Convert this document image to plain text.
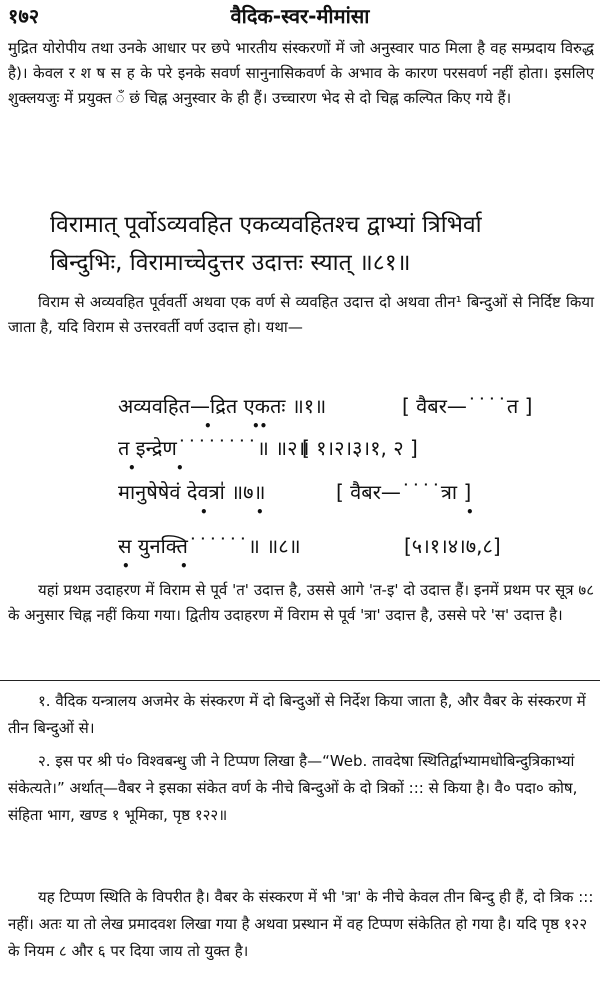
१७२	वैदिक-स्वर-मीमांसा

मुद्रित योरोपीय तथा उनके आधार पर छपे भारतीय संस्करणों में जो अनुस्वार पाठ मिला है वह सम्प्रदाय विरुद्ध है)। केवल र श ष स ह के परे इनके सवर्ण सानुनासिकवर्ण के अभाव के कारण परसवर्ण नहीं होता। इसलिए शुक्लयजुः में प्रयुक्त ँ छं चिह्न अनुस्वार के ही हैं। उच्चारण भेद से दो चिह्न कल्पित किए गये हैं।

विरामात् पूर्वोऽव्यवहित एकव्यवहितश्च द्वाभ्यां त्रिभिर्वा

बिन्दुभिः, विरामाच्चेदुत्तर उदात्तः स्यात् ॥८१॥

विराम से अव्यवहित पूर्ववर्ती अथवा एक वर्ण से व्यवहित उदात्त दो अथवा तीन¹ बिन्दुओं से निर्दिष्ट किया जाता है, यदि विराम से उत्तरवर्ती वर्ण उदात्त हो। यथा—

अव्यवहित—द्रित एकतः ॥१॥	[ वैबर—˙˙˙˙त ]
•	••
त इन्द्रेण˙˙˙˙˙˙˙˙॥ ॥२॥
[ १।२।३।१, २ ]
•	•
मानुषेषेवं देवत्रा॑ ॥७॥	[ वैबर—˙˙˙˙त्रा ]
•	•	•
स युनक्ति˙˙˙˙˙˙॥ ॥८॥	[५।१।४।७,८]
•	•

यहां प्रथम उदाहरण में विराम से पूर्व 'त' उदात्त है, उससे आगे 'त-इ' दो उदात्त हैं। इनमें प्रथम पर सूत्र ७८ के अनुसार चिह्न नहीं किया गया। द्वितीय उदाहरण में विराम से पूर्व 'त्रा' उदात्त है, उससे परे 'स' उदात्त है।

१. वैदिक यन्त्रालय अजमेर के संस्करण में दो बिन्दुओं से निर्देश किया जाता है, और वैबर के संस्करण में तीन बिन्दुओं से।

२. इस पर श्री पं० विश्वबन्धु जी ने टिप्पण लिखा है—“Web. तावदेषा स्थितिर्द्वाभ्यामधोबिन्दुत्रिकाभ्यां संकेत्यते।” अर्थात्—वैबर ने इसका संकेत वर्ण के नीचे बिन्दुओं के दो त्रिकों ::: से किया है। वै० पदा० कोष, संहिता भाग, खण्ड १ भूमिका, पृष्ठ १२२॥

यह टिप्पण स्थिति के विपरीत है। वैबर के संस्करण में भी 'त्रा' के नीचे केवल तीन बिन्दु ही हैं, दो त्रिक ::: नहीं। अतः या तो लेख प्रमादवश लिखा गया है अथवा प्रस्थान में वह टिप्पण संकेतित हो गया है। यदि पृष्ठ १२२ के नियम ८ और ६ पर दिया जाय तो युक्त है।
